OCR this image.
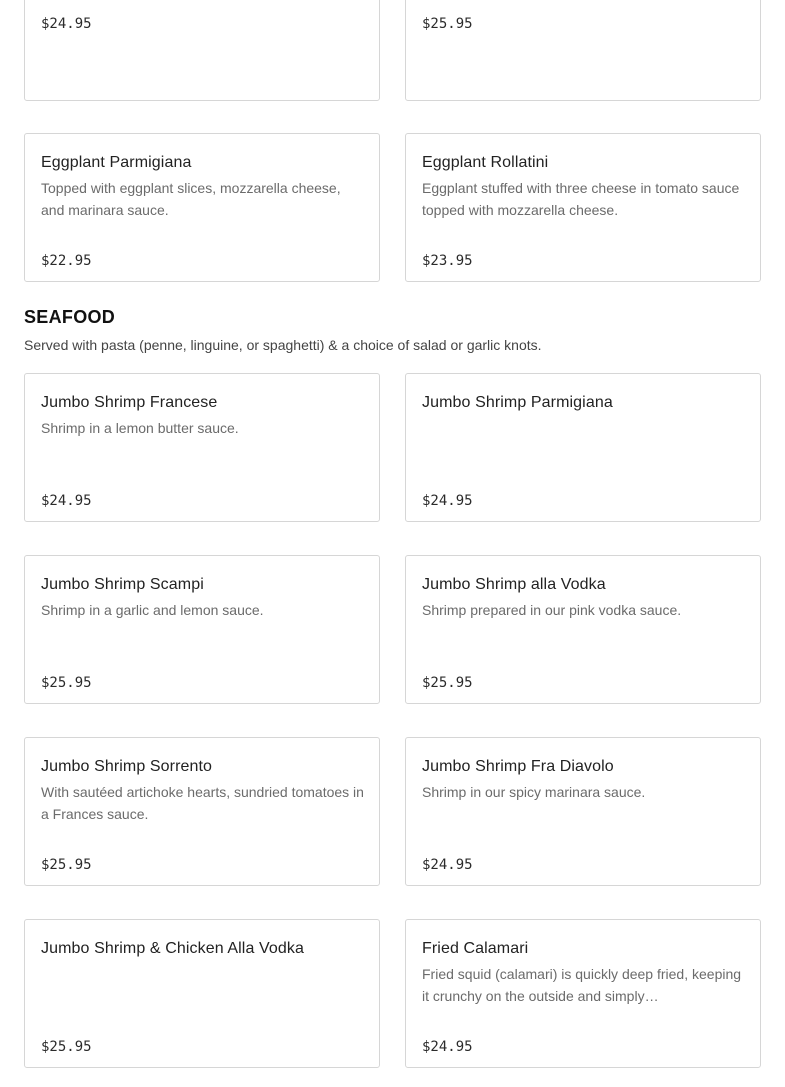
$24.95	$25.95
Eggplant Parmigiana
Topped with eggplant slices, mozzarella cheese, and marinara sauce.
$22.95
Eggplant Rollatini
Eggplant stuffed with three cheese in tomato sauce topped with mozzarella cheese.
$23.95
SEAFOOD

Served with pasta (penne, linguine, or spaghetti) & a choice of salad or garlic knots.

Jumbo Shrimp Francese
Shrimp in a lemon butter sauce.
$24.95
Jumbo Shrimp Parmigiana
$24.95
Jumbo Shrimp Scampi
Shrimp in a garlic and lemon sauce.
$25.95
Jumbo Shrimp alla Vodka
Shrimp prepared in our pink vodka sauce.
$25.95
Jumbo Shrimp Sorrento
With sautéed artichoke hearts, sundried tomatoes in a Frances sauce.
$25.95
Jumbo Shrimp Fra Diavolo
Shrimp in our spicy marinara sauce.
$24.95
Jumbo Shrimp & Chicken Alla Vodka
$25.95
Fried Calamari
Fried squid (calamari) is quickly deep fried, keeping it crunchy on the outside and simply…
$24.95
